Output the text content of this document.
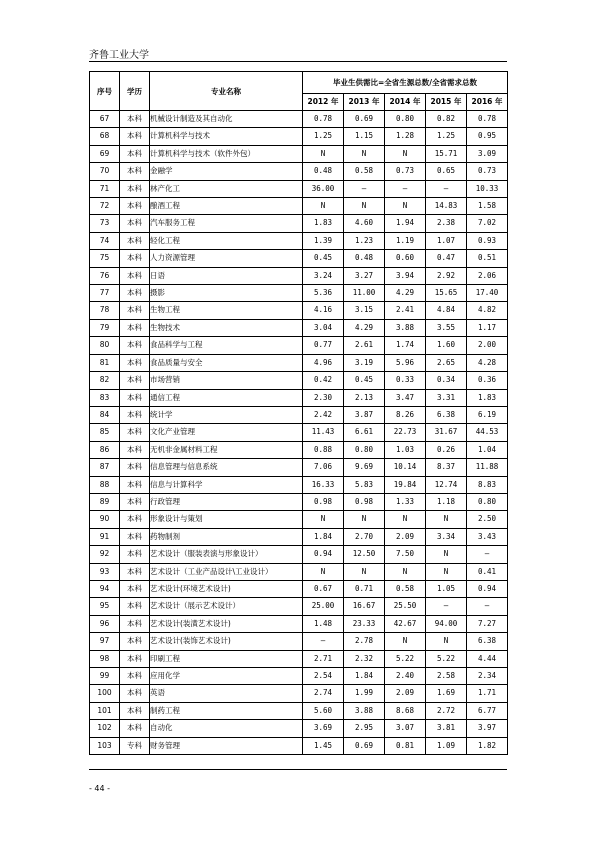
齐鲁工业大学
序号	学历	专业名称	毕业生供需比=全省生源总数/全省需求总数				
			2012 年	2013 年	2014 年	2015 年	2016 年
67	本科	机械设计制造及其自动化	0.78	0.69	0.80	0.82	0.78
68	本科	计算机科学与技术	1.25	1.15	1.28	1.25	0.95
69	本科	计算机科学与技术（软件外包）	N	N	N	15.71	3.09
70	本科	金融学	0.48	0.58	0.73	0.65	0.73
71	本科	林产化工	36.00	–	–	–	10.33
72	本科	酿酒工程	N	N	N	14.83	1.58
73	本科	汽车服务工程	1.83	4.60	1.94	2.38	7.02
74	本科	轻化工程	1.39	1.23	1.19	1.07	0.93
75	本科	人力资源管理	0.45	0.48	0.60	0.47	0.51
76	本科	日语	3.24	3.27	3.94	2.92	2.06
77	本科	摄影	5.36	11.00	4.29	15.65	17.40
78	本科	生物工程	4.16	3.15	2.41	4.84	4.82
79	本科	生物技术	3.04	4.29	3.88	3.55	1.17
80	本科	食品科学与工程	0.77	2.61	1.74	1.60	2.00
81	本科	食品质量与安全	4.96	3.19	5.96	2.65	4.28
82	本科	市场营销	0.42	0.45	0.33	0.34	0.36
83	本科	通信工程	2.30	2.13	3.47	3.31	1.83
84	本科	统计学	2.42	3.87	8.26	6.38	6.19
85	本科	文化产业管理	11.43	6.61	22.73	31.67	44.53
86	本科	无机非金属材料工程	0.88	0.80	1.03	0.26	1.04
87	本科	信息管理与信息系统	7.06	9.69	10.14	8.37	11.88
88	本科	信息与计算科学	16.33	5.83	19.84	12.74	8.83
89	本科	行政管理	0.98	0.98	1.33	1.18	0.80
90	本科	形象设计与策划	N	N	N	N	2.50
91	本科	药物制剂	1.84	2.70	2.09	3.34	3.43
92	本科	艺术设计（服装表演与形象设计）	0.94	12.50	7.50	N	–
93	本科	艺术设计（工业产品设计\工业设计）	N	N	N	N	0.41
94	本科	艺术设计(环境艺术设计)	0.67	0.71	0.58	1.05	0.94
95	本科	艺术设计（展示艺术设计）	25.00	16.67	25.50	–	–
96	本科	艺术设计(装潢艺术设计)	1.48	23.33	42.67	94.00	7.27
97	本科	艺术设计(装饰艺术设计)	–	2.78	N	N	6.38
98	本科	印刷工程	2.71	2.32	5.22	5.22	4.44
99	本科	应用化学	2.54	1.84	2.40	2.58	2.34
100	本科	英语	2.74	1.99	2.09	1.69	1.71
101	本科	制药工程	5.60	3.88	8.68	2.72	6.77
102	本科	自动化	3.69	2.95	3.07	3.81	3.97
103	专科	财务管理	1.45	0.69	0.81	1.09	1.82
- 44 -
